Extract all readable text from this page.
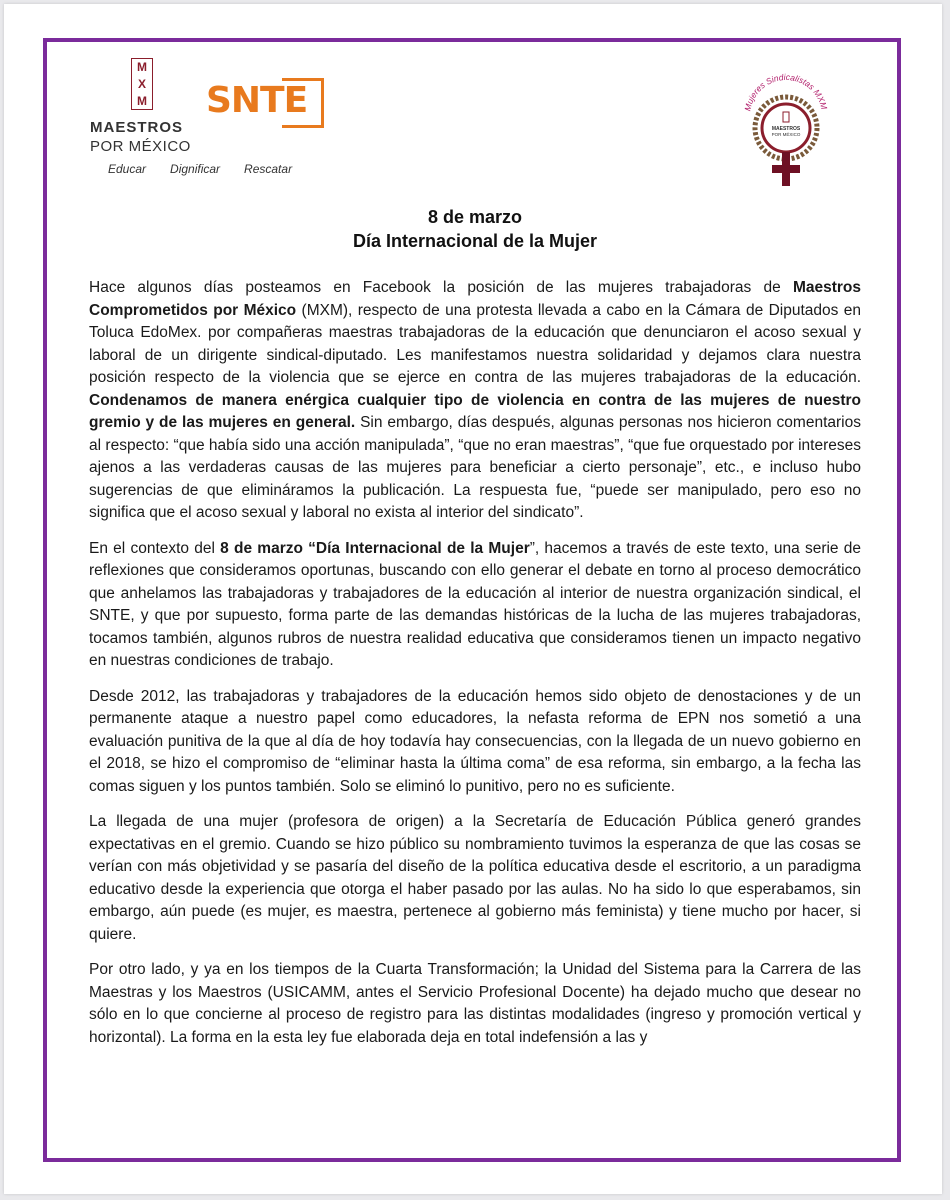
M
X
M
MAESTROS
POR MÉXICO
Educar Dignificar Rescatar
SNTE	Mujeres Sindicalistas MXM
MAESTROS
POR MÉXICO
8 de marzo
Día Internacional de la Mujer

Hace algunos días posteamos en Facebook la posición de las mujeres trabajadoras de Maestros Comprometidos por México (MXM), respecto de una protesta llevada a cabo en la Cámara de Diputados en Toluca EdoMex. por compañeras maestras trabajadoras de la educación que denunciaron el acoso sexual y laboral de un dirigente sindical-diputado. Les manifestamos nuestra solidaridad y dejamos clara nuestra posición respecto de la violencia que se ejerce en contra de las mujeres trabajadoras de la educación. Condenamos de manera enérgica cualquier tipo de violencia en contra de las mujeres de nuestro gremio y de las mujeres en general. Sin embargo, días después, algunas personas nos hicieron comentarios al respecto: “que había sido una acción manipulada”, “que no eran maestras”, “que fue orquestado por intereses ajenos a las verdaderas causas de las mujeres para beneficiar a cierto personaje”, etc., e incluso hubo sugerencias de que elimináramos la publicación. La respuesta fue, “puede ser manipulado, pero eso no significa que el acoso sexual y laboral no exista al interior del sindicato”.

En el contexto del 8 de marzo “Día Internacional de la Mujer”, hacemos a través de este texto, una serie de reflexiones que consideramos oportunas, buscando con ello generar el debate en torno al proceso democrático que anhelamos las trabajadoras y trabajadores de la educación al interior de nuestra organización sindical, el SNTE, y que por supuesto, forma parte de las demandas históricas de la lucha de las mujeres trabajadoras, tocamos también, algunos rubros de nuestra realidad educativa que consideramos tienen un impacto negativo en nuestras condiciones de trabajo.

Desde 2012, las trabajadoras y trabajadores de la educación hemos sido objeto de denostaciones y de un permanente ataque a nuestro papel como educadores, la nefasta reforma de EPN nos sometió a una evaluación punitiva de la que al día de hoy todavía hay consecuencias, con la llegada de un nuevo gobierno en el 2018, se hizo el compromiso de “eliminar hasta la última coma” de esa reforma, sin embargo, a la fecha las comas siguen y los puntos también. Solo se eliminó lo punitivo, pero no es suficiente.

La llegada de una mujer (profesora de origen) a la Secretaría de Educación Pública generó grandes expectativas en el gremio. Cuando se hizo público su nombramiento tuvimos la esperanza de que las cosas se verían con más objetividad y se pasaría del diseño de la política educativa desde el escritorio, a un paradigma educativo desde la experiencia que otorga el haber pasado por las aulas. No ha sido lo que esperabamos, sin embargo, aún puede (es mujer, es maestra, pertenece al gobierno más feminista) y tiene mucho por hacer, si quiere.

Por otro lado, y ya en los tiempos de la Cuarta Transformación; la Unidad del Sistema para la Carrera de las Maestras y los Maestros (USICAMM, antes el Servicio Profesional Docente) ha dejado mucho que desear no sólo en lo que concierne al proceso de registro para las distintas modalidades (ingreso y promoción vertical y horizontal). La forma en la esta ley fue elaborada deja en total indefensión a las y
